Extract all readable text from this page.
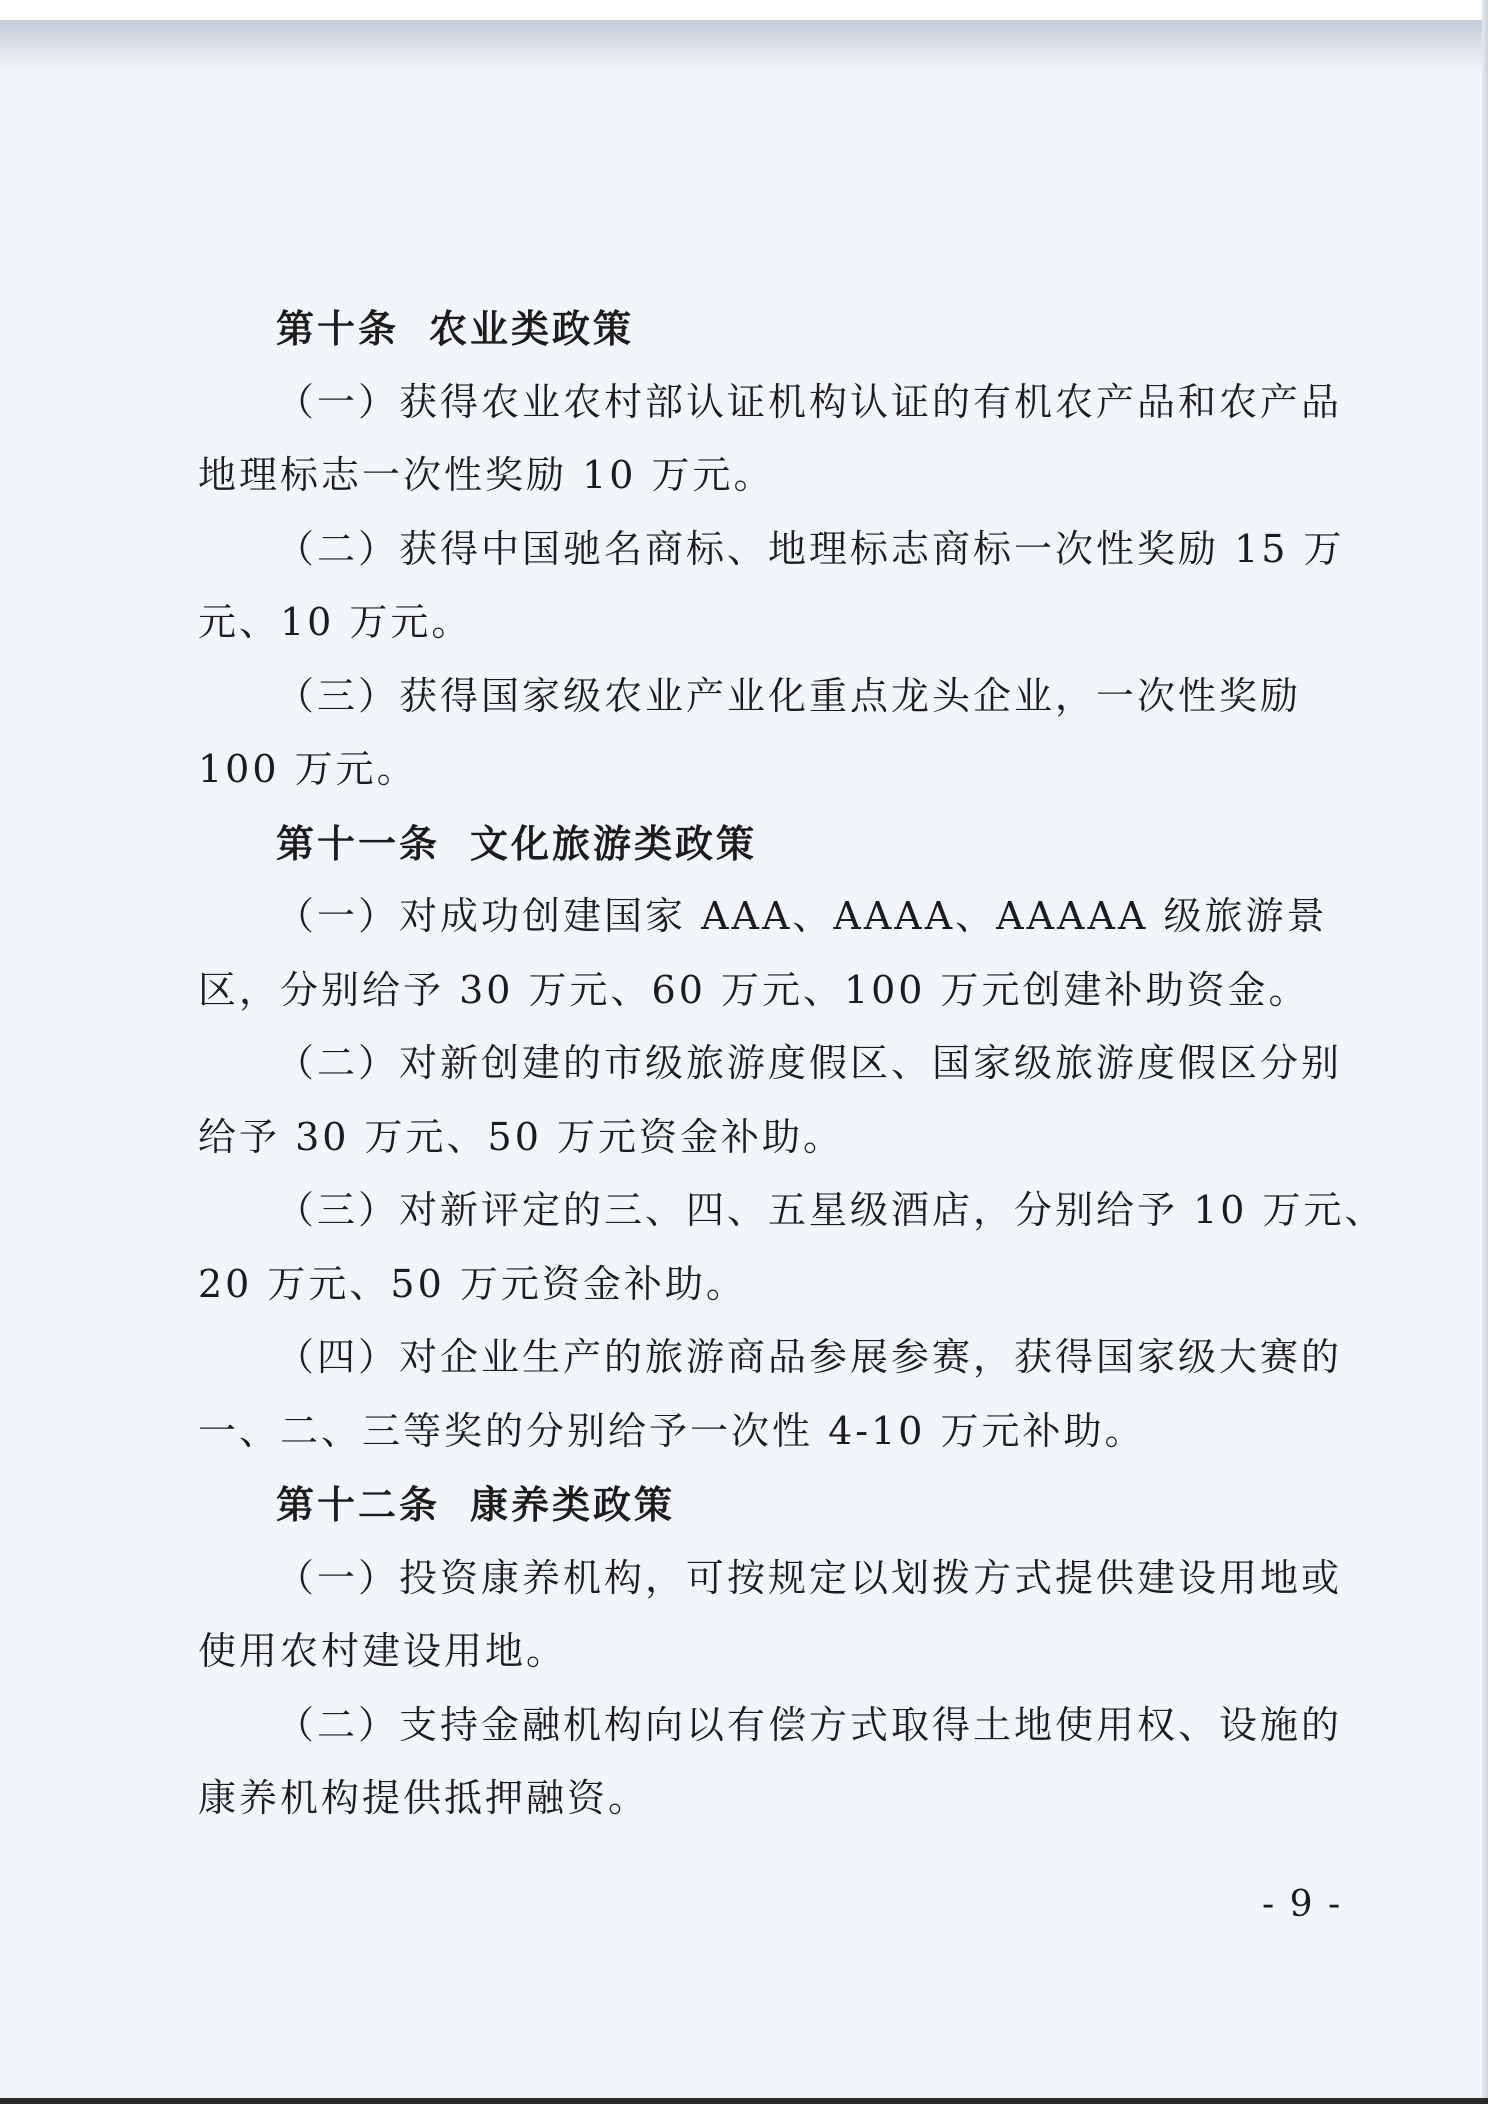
第十条 农业类政策
（一）获得农业农村部认证机构认证的有机农产品和农产品
地理标志一次性奖励 10 万元。
（二）获得中国驰名商标、地理标志商标一次性奖励 15 万
元、10 万元。
（三）获得国家级农业产业化重点龙头企业，一次性奖励
100 万元。
第十一条 文化旅游类政策
（一）对成功创建国家 AAA、AAAA、AAAAA 级旅游景
区，分别给予 30 万元、60 万元、100 万元创建补助资金。
（二）对新创建的市级旅游度假区、国家级旅游度假区分别
给予 30 万元、50 万元资金补助。
（三）对新评定的三、四、五星级酒店，分别给予 10 万元、
20 万元、50 万元资金补助。
（四）对企业生产的旅游商品参展参赛，获得国家级大赛的
一、二、三等奖的分别给予一次性 4-10 万元补助。
第十二条 康养类政策
（一）投资康养机构，可按规定以划拨方式提供建设用地或
使用农村建设用地。
（二）支持金融机构向以有偿方式取得土地使用权、设施的
康养机构提供抵押融资。
- 9 -
